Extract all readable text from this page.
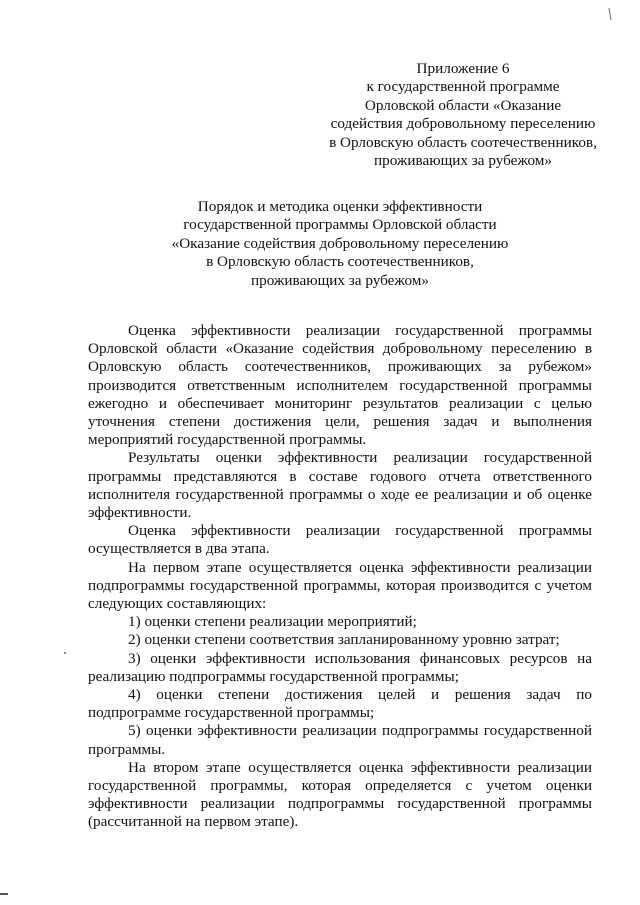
Приложение 6
к государственной программе
Орловской области «Оказание
содействия добровольному переселению
в Орловскую область соотечественников,
проживающих за рубежом»
Порядок и методика оценки эффективности
государственной программы Орловской области
«Оказание содействия добровольному переселению
в Орловскую область соотечественников,
проживающих за рубежом»

Оценка эффективности реализации государственной программы Орловской области «Оказание содействия добровольному переселению в Орловскую область соотечественников, проживающих за рубежом» производится ответственным исполнителем государственной программы ежегодно и обеспечивает мониторинг результатов реализации с целью уточнения степени достижения цели, решения задач и выполнения мероприятий государственной программы.

Результаты оценки эффективности реализации государственной программы представляются в составе годового отчета ответственного исполнителя государственной программы о ходе ее реализации и об оценке эффективности.

Оценка эффективности реализации государственной программы осуществляется в два этапа.

На первом этапе осуществляется оценка эффективности реализации подпрограммы государственной программы, которая производится с учетом следующих составляющих:

1) оценки степени реализации мероприятий;

2) оценки степени соответствия запланированному уровню затрат;

3) оценки эффективности использования финансовых ресурсов на реализацию подпрограммы государственной программы;

4) оценки степени достижения целей и решения задач по подпрограмме государственной программы;

5) оценки эффективности реализации подпрограммы государственной программы.

На втором этапе осуществляется оценка эффективности реализации государственной программы, которая определяется с учетом оценки эффективности реализации подпрограммы государственной программы (рассчитанной на первом этапе).
